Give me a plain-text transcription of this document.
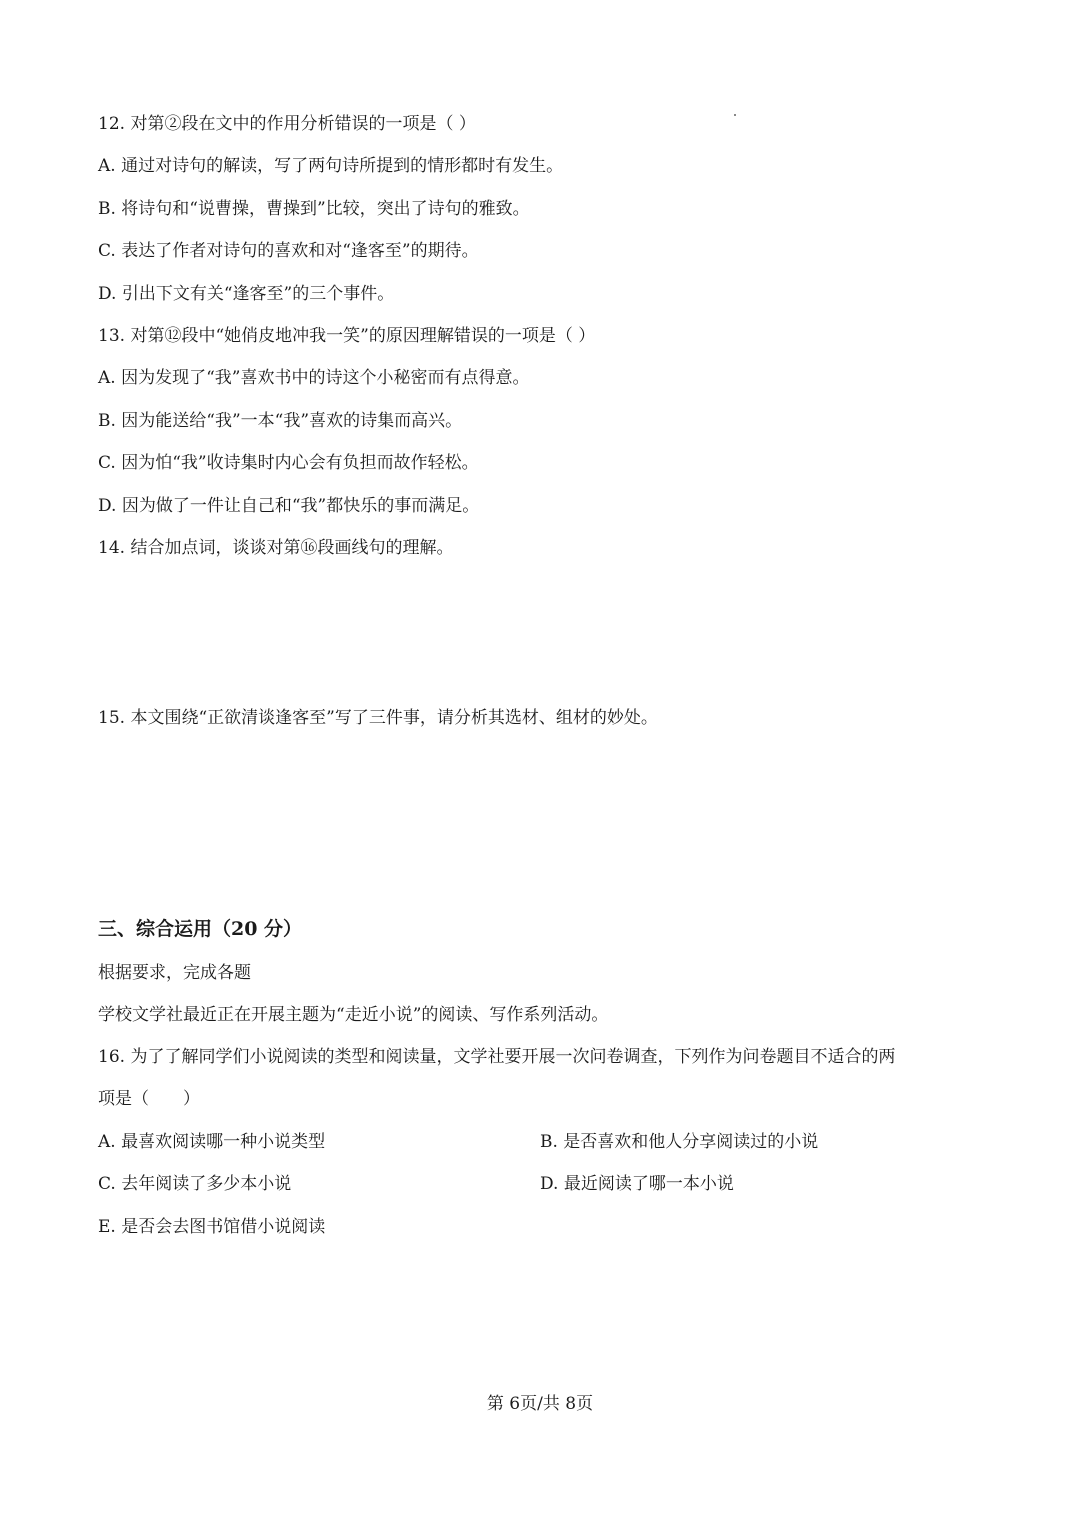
12. 对第②段在文中的作用分析错误的一项是（ ）
A. 通过对诗句的解读，写了两句诗所提到的情形都时有发生。
B. 将诗句和“说曹操，曹操到”比较，突出了诗句的雅致。
C. 表达了作者对诗句的喜欢和对“逢客至”的期待。
D. 引出下文有关“逢客至”的三个事件。
13. 对第⑫段中“她俏皮地冲我一笑”的原因理解错误的一项是（ ）
A. 因为发现了“我”喜欢书中的诗这个小秘密而有点得意。
B. 因为能送给“我”一本“我”喜欢的诗集而高兴。
C. 因为怕“我”收诗集时内心会有负担而故作轻松。
D. 因为做了一件让自己和“我”都快乐的事而满足。
14. 结合加点词，谈谈对第⑯段画线句的理解。
15. 本文围绕“正欲清谈逢客至”写了三件事，请分析其选材、组材的妙处。
三、综合运用（20 分）
根据要求，完成各题
学校文学社最近正在开展主题为“走近小说”的阅读、写作系列活动。
16. 为了了解同学们小说阅读的类型和阅读量，文学社要开展一次问卷调查，下列作为问卷题目不适合的两
项是（　　）
A. 最喜欢阅读哪一种小说类型	B. 是否喜欢和他人分享阅读过的小说
C. 去年阅读了多少本小说	D. 最近阅读了哪一本小说
E. 是否会去图书馆借小说阅读
第 6页/共 8页
